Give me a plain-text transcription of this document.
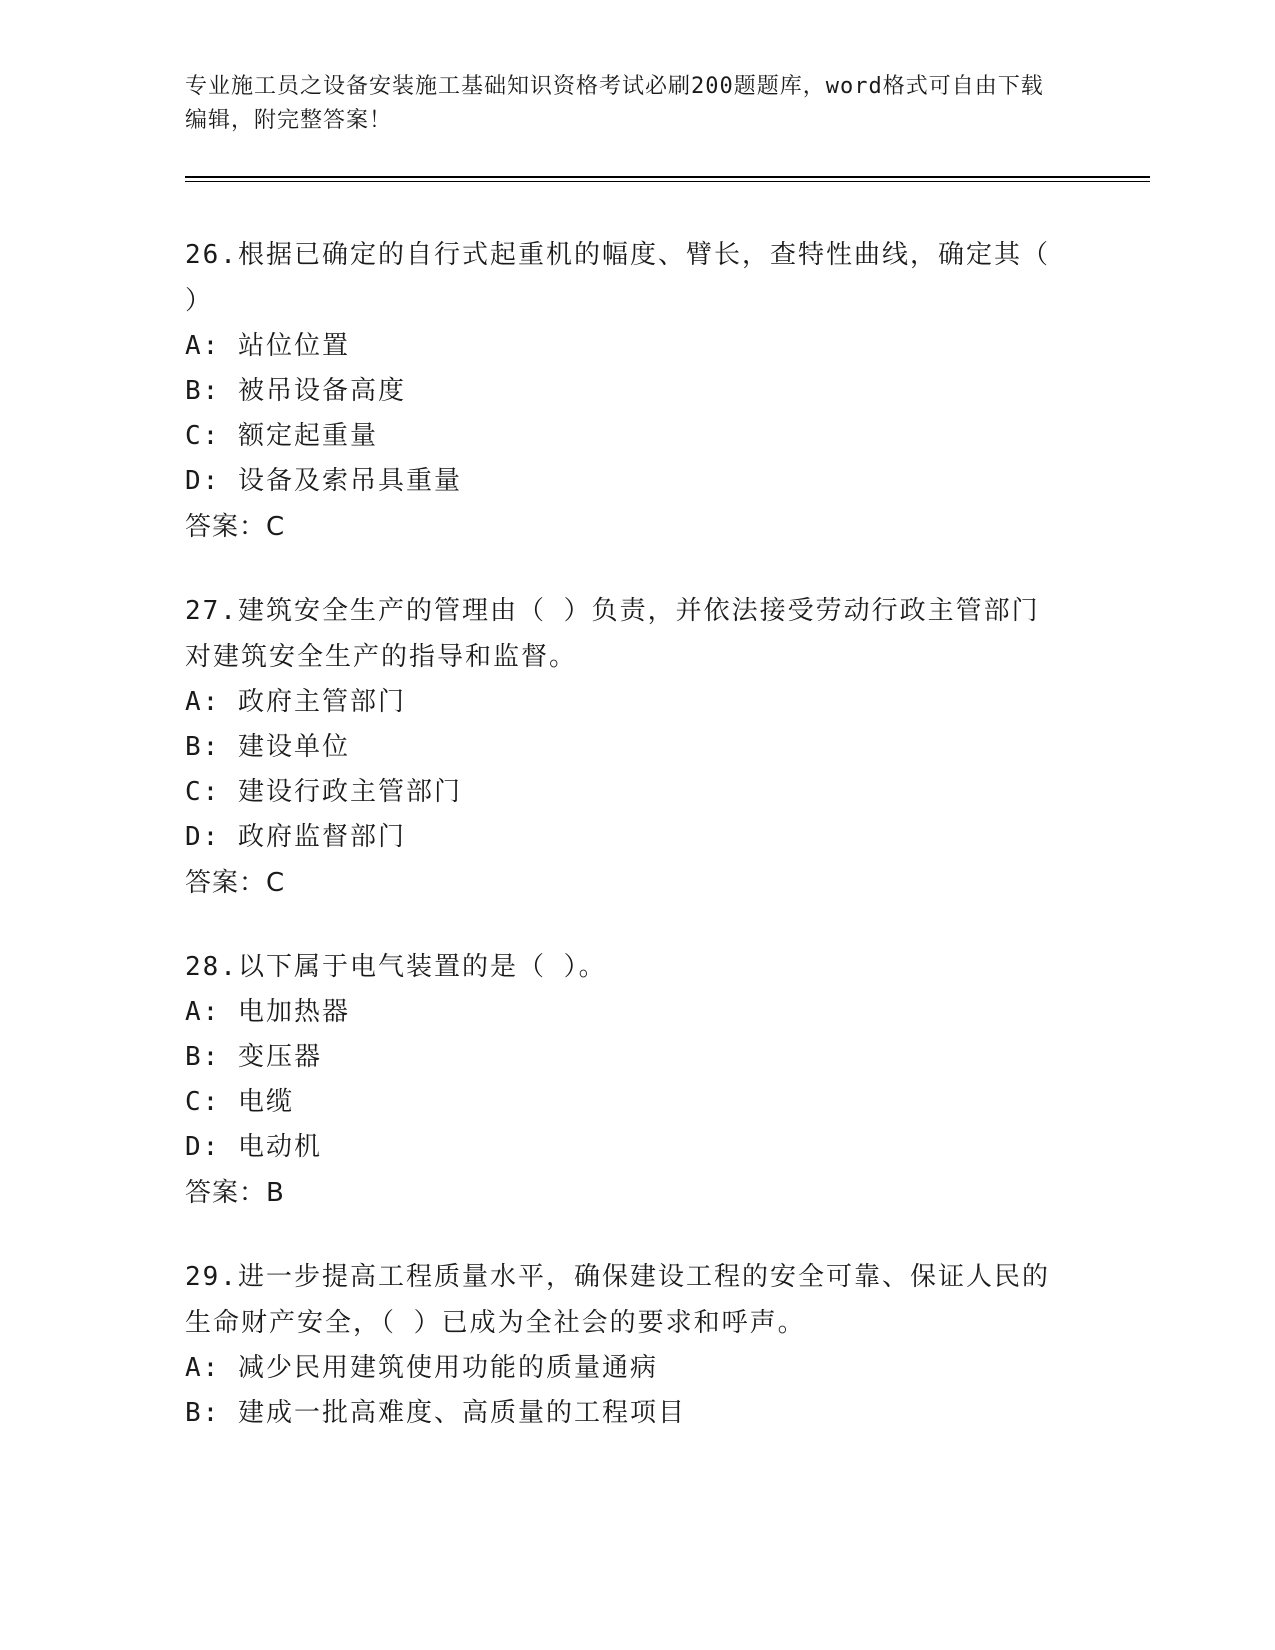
专业施工员之设备安装施工基础知识资格考试必刷200题题库，word格式可自由下载编辑，附完整答案！
26.根据已确定的自行式起重机的幅度、臂长，查特性曲线，确定其（ ）
A: 站位位置
B: 被吊设备高度
C: 额定起重量
D: 设备及索吊具重量
答案：C
27.建筑安全生产的管理由（ ）负责，并依法接受劳动行政主管部门对建筑安全生产的指导和监督。
A: 政府主管部门
B: 建设单位
C: 建设行政主管部门
D: 政府监督部门
答案：C
28.以下属于电气装置的是（ ）。
A: 电加热器
B: 变压器
C: 电缆
D: 电动机
答案：B
29.进一步提高工程质量水平，确保建设工程的安全可靠、保证人民的生命财产安全，（ ）已成为全社会的要求和呼声。
A: 减少民用建筑使用功能的质量通病
B: 建成一批高难度、高质量的工程项目
